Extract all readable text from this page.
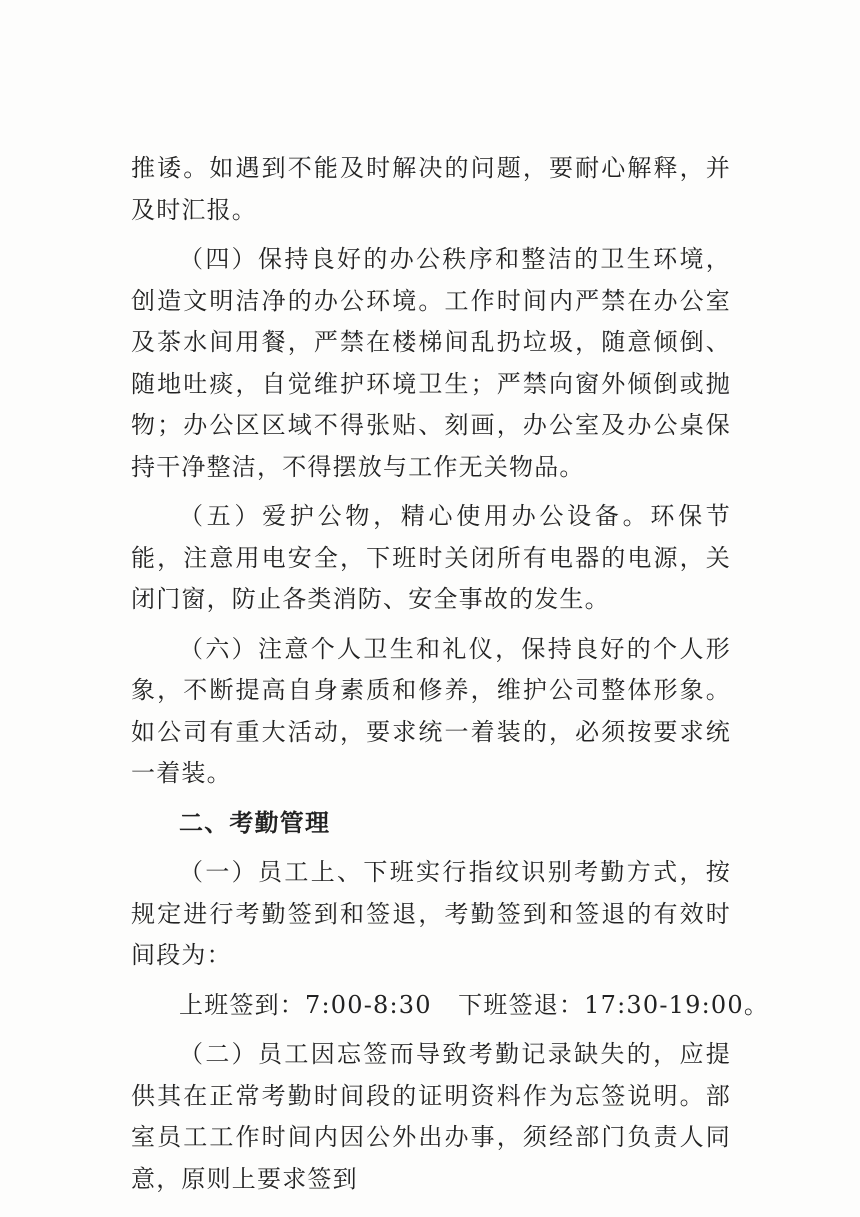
推诿。如遇到不能及时解决的问题，要耐心解释，并及时汇报。

（四）保持良好的办公秩序和整洁的卫生环境，创造文明洁净的办公环境。工作时间内严禁在办公室及茶水间用餐，严禁在楼梯间乱扔垃圾，随意倾倒、随地吐痰，自觉维护环境卫生；严禁向窗外倾倒或抛物；办公区区域不得张贴、刻画，办公室及办公桌保持干净整洁，不得摆放与工作无关物品。

（五）爱护公物，精心使用办公设备。环保节能，注意用电安全，下班时关闭所有电器的电源，关闭门窗，防止各类消防、安全事故的发生。

（六）注意个人卫生和礼仪，保持良好的个人形象，不断提高自身素质和修养，维护公司整体形象。如公司有重大活动，要求统一着装的，必须按要求统一着装。

二、考勤管理

（一）员工上、下班实行指纹识别考勤方式，按规定进行考勤签到和签退，考勤签到和签退的有效时间段为：

上班签到：7:00-8:30   下班签退：17:30-19:00。

（二）员工因忘签而导致考勤记录缺失的，应提供其在正常考勤时间段的证明资料作为忘签说明。部室员工工作时间内因公外出办事，须经部门负责人同意，原则上要求签到
